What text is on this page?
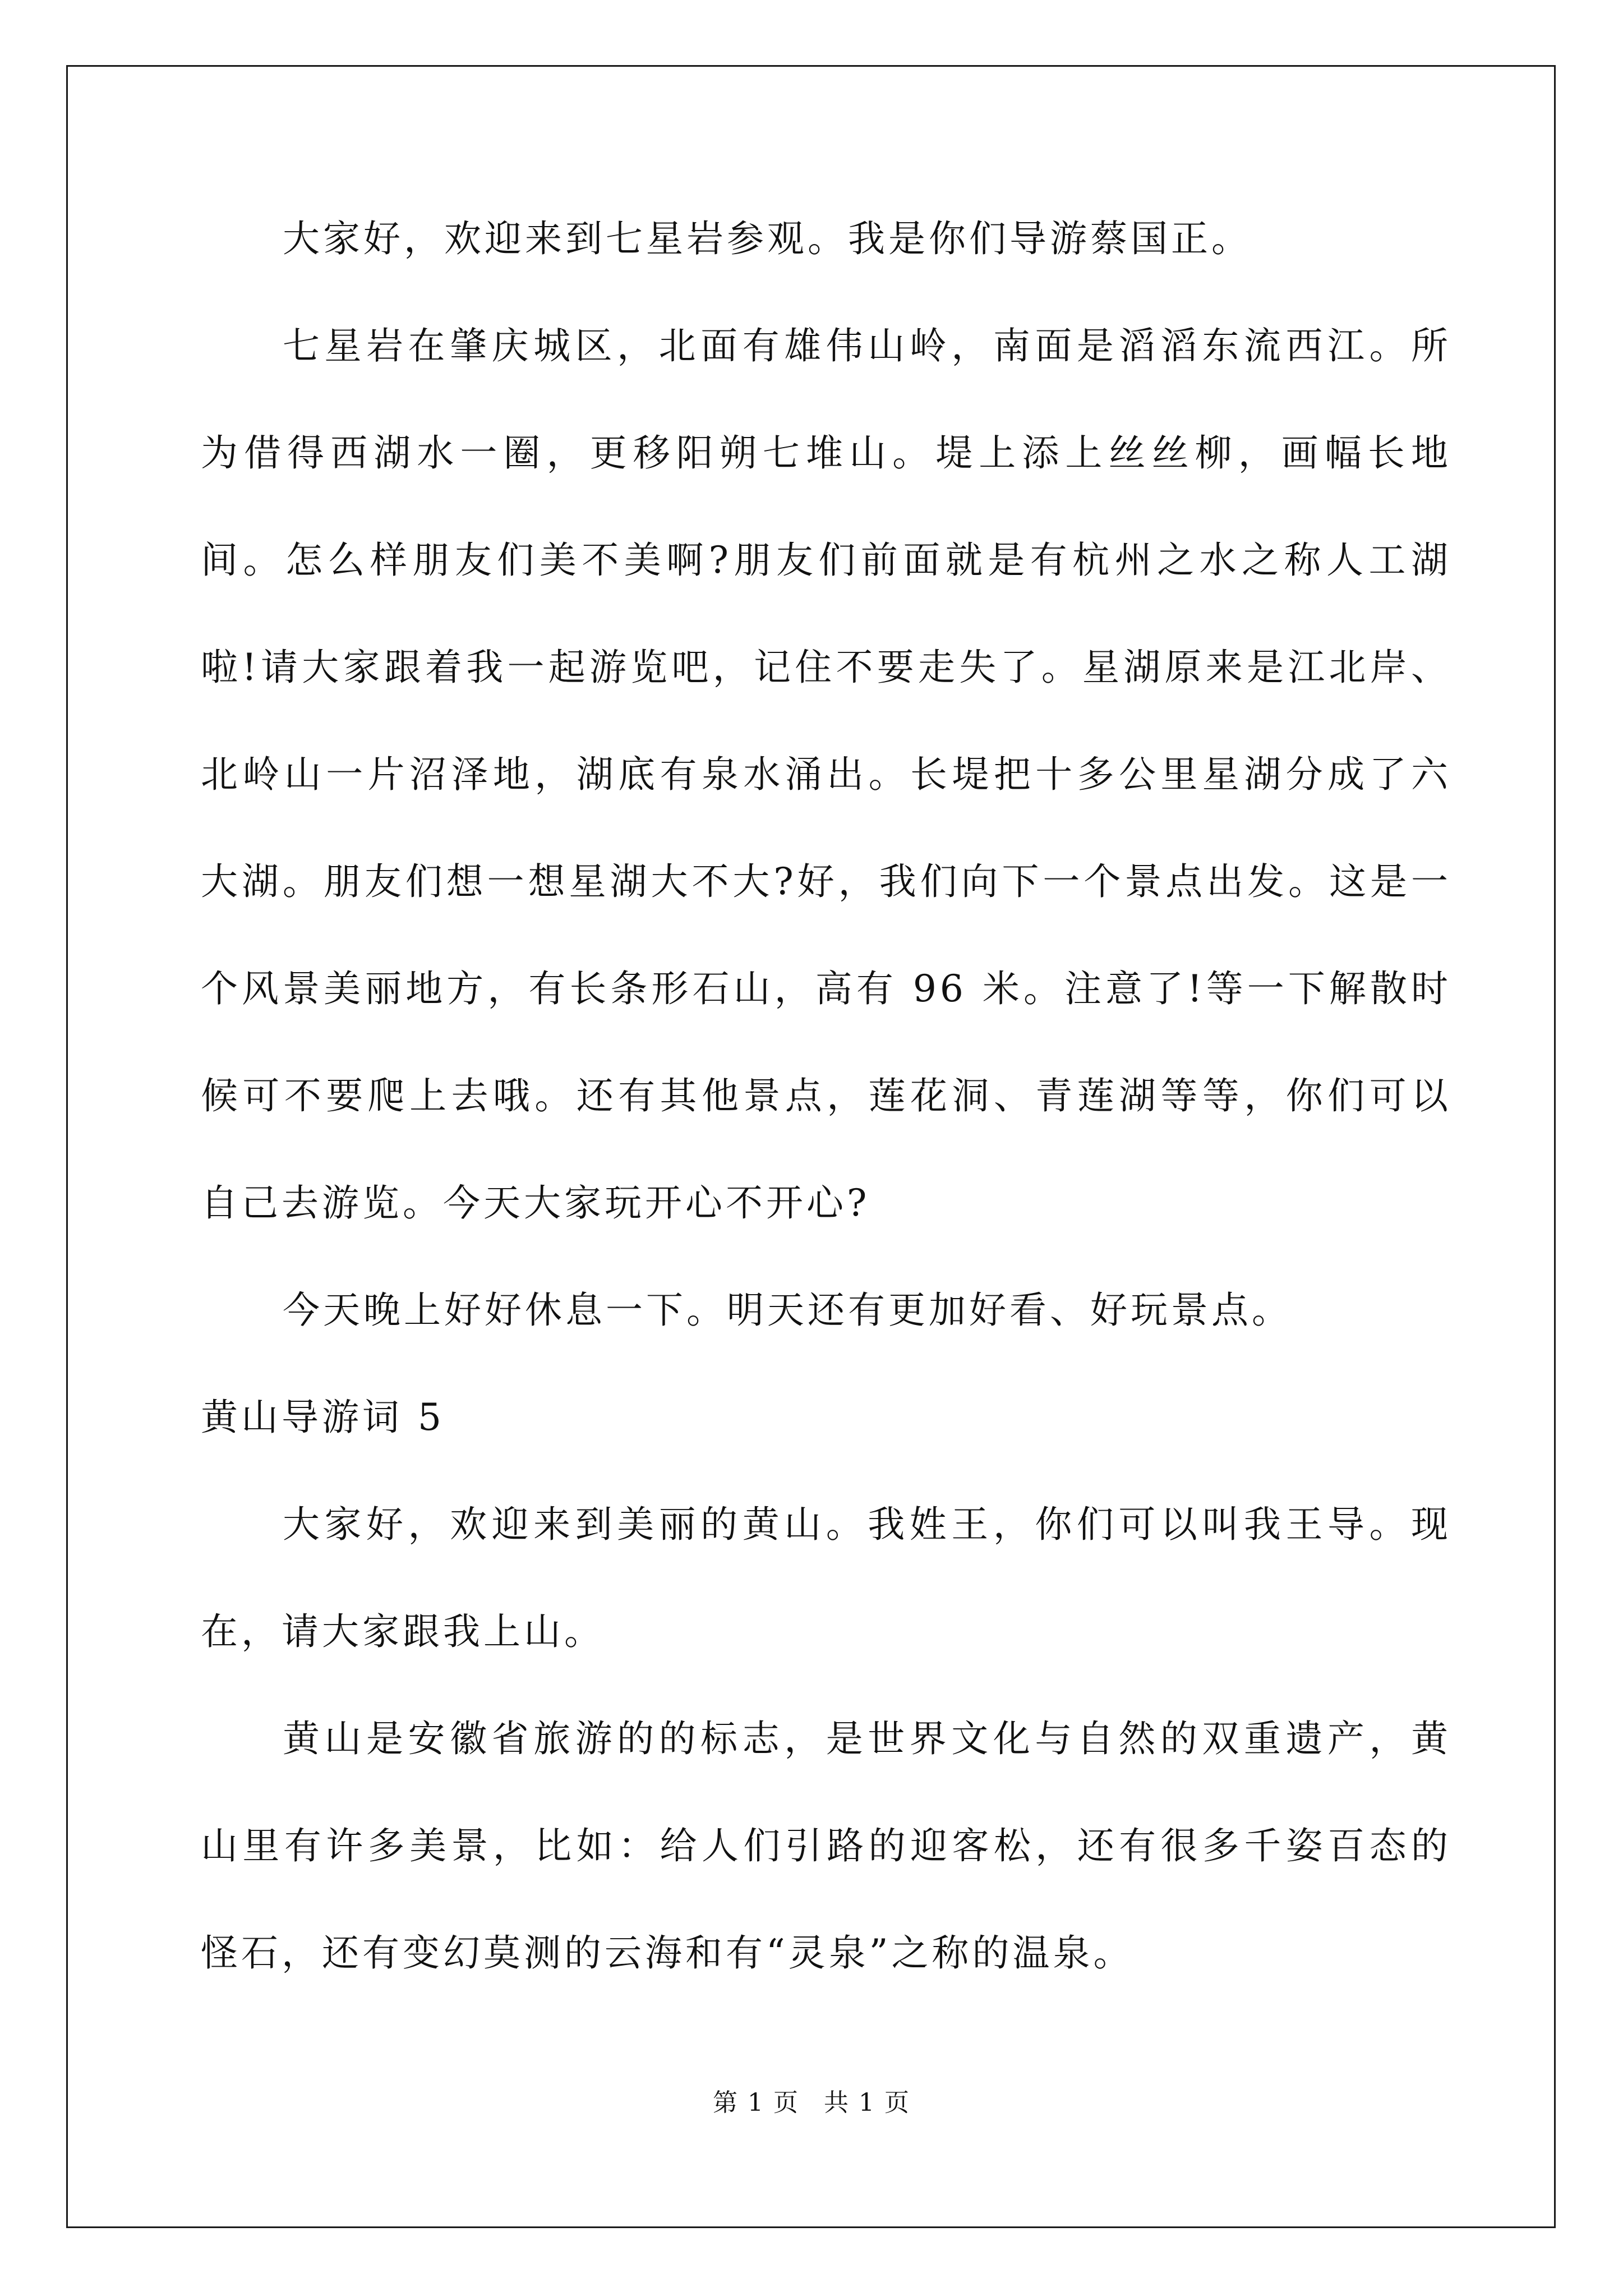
大家好，欢迎来到七星岩参观。我是你们导游蔡国正。

七星岩在肇庆城区，北面有雄伟山岭，南面是滔滔东流西江。所为借得西湖水一圈，更移阳朔七堆山。堤上添上丝丝柳，画幅长地间。怎么样朋友们美不美啊?朋友们前面就是有杭州之水之称人工湖啦!请大家跟着我一起游览吧，记住不要走失了。星湖原来是江北岸、北岭山一片沼泽地，湖底有泉水涌出。长堤把十多公里星湖分成了六大湖。朋友们想一想星湖大不大?好，我们向下一个景点出发。这是一个风景美丽地方，有长条形石山，高有 96 米。注意了!等一下解散时候可不要爬上去哦。还有其他景点，莲花洞、青莲湖等等，你们可以自己去游览。今天大家玩开心不开心?

今天晚上好好休息一下。明天还有更加好看、好玩景点。

黄山导游词 5

大家好，欢迎来到美丽的黄山。我姓王，你们可以叫我王导。现在，请大家跟我上山。

黄山是安徽省旅游的的标志，是世界文化与自然的双重遗产，黄山里有许多美景，比如：给人们引路的迎客松，还有很多千姿百态的怪石，还有变幻莫测的云海和有“灵泉”之称的温泉。

第 1 页 共 1 页
